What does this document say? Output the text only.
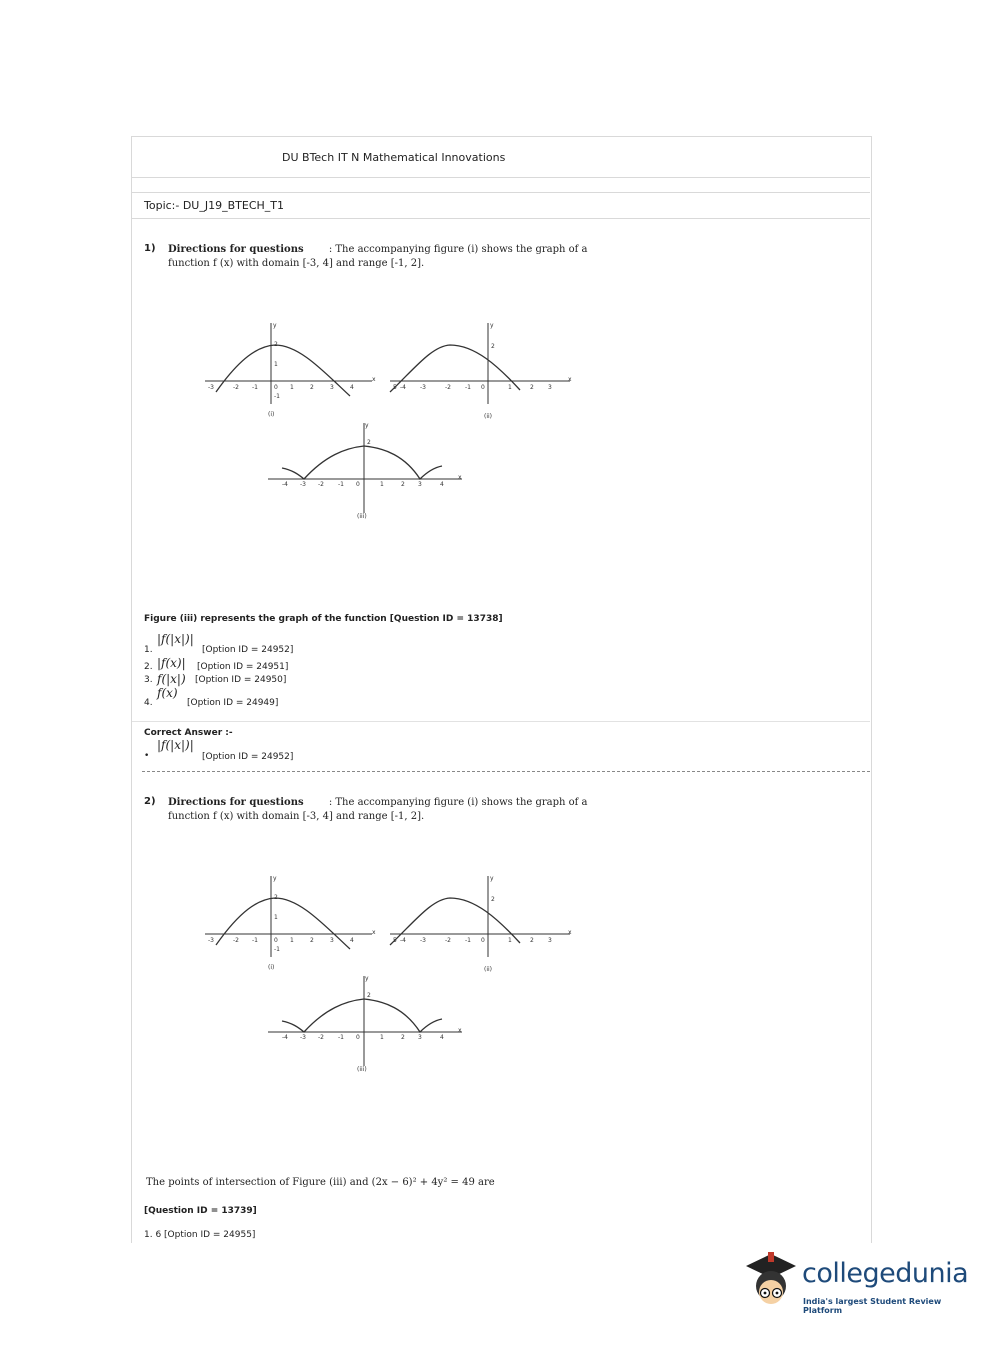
DU BTech IT N Mathematical Innovations
Topic:- DU_J19_BTECH_T1
1) Directions for questions	: The accompanying figure (i) shows the graph of a
function f (x) with domain [-3, 4] and range [-1, 2].
-3	-2 -1	0 1	2	3	4
2
1
-1
y
x
(i)
5 -4 -3	-2 -1 0	1	2 3
2
y
x
(ii)
-4 -3 -2 -1 0	1	2 3	4
2
y
x
(iii)
Figure (iii) represents the graph of the function [Question ID = 13738]
1.
|f(|x|)|
[Option ID = 24952]
2. |f(x)| [Option ID = 24951]
3. f(|x|) [Option ID = 24950]
4.
f(x)
[Option ID = 24949]
Correct Answer :-
•
|f(|x|)|
[Option ID = 24952]
2) Directions for questions	: The accompanying figure (i) shows the graph of a
function f (x) with domain [-3, 4] and range [-1, 2].
-3	-2 -1	0 1	2	3	4
2
1
-1
y
x
(i)
5 -4 -3	-2 -1 0	1	2 3
2
y
x
(ii)
-4 -3 -2 -1 0	1	2 3	4
2
y
x
(iii)
The points of intersection of Figure (iii) and (2x − 6)² + 4y² = 49 are
[Question ID = 13739]
1. 6 [Option ID = 24955]
collegedunia
India's largest Student Review Platform
